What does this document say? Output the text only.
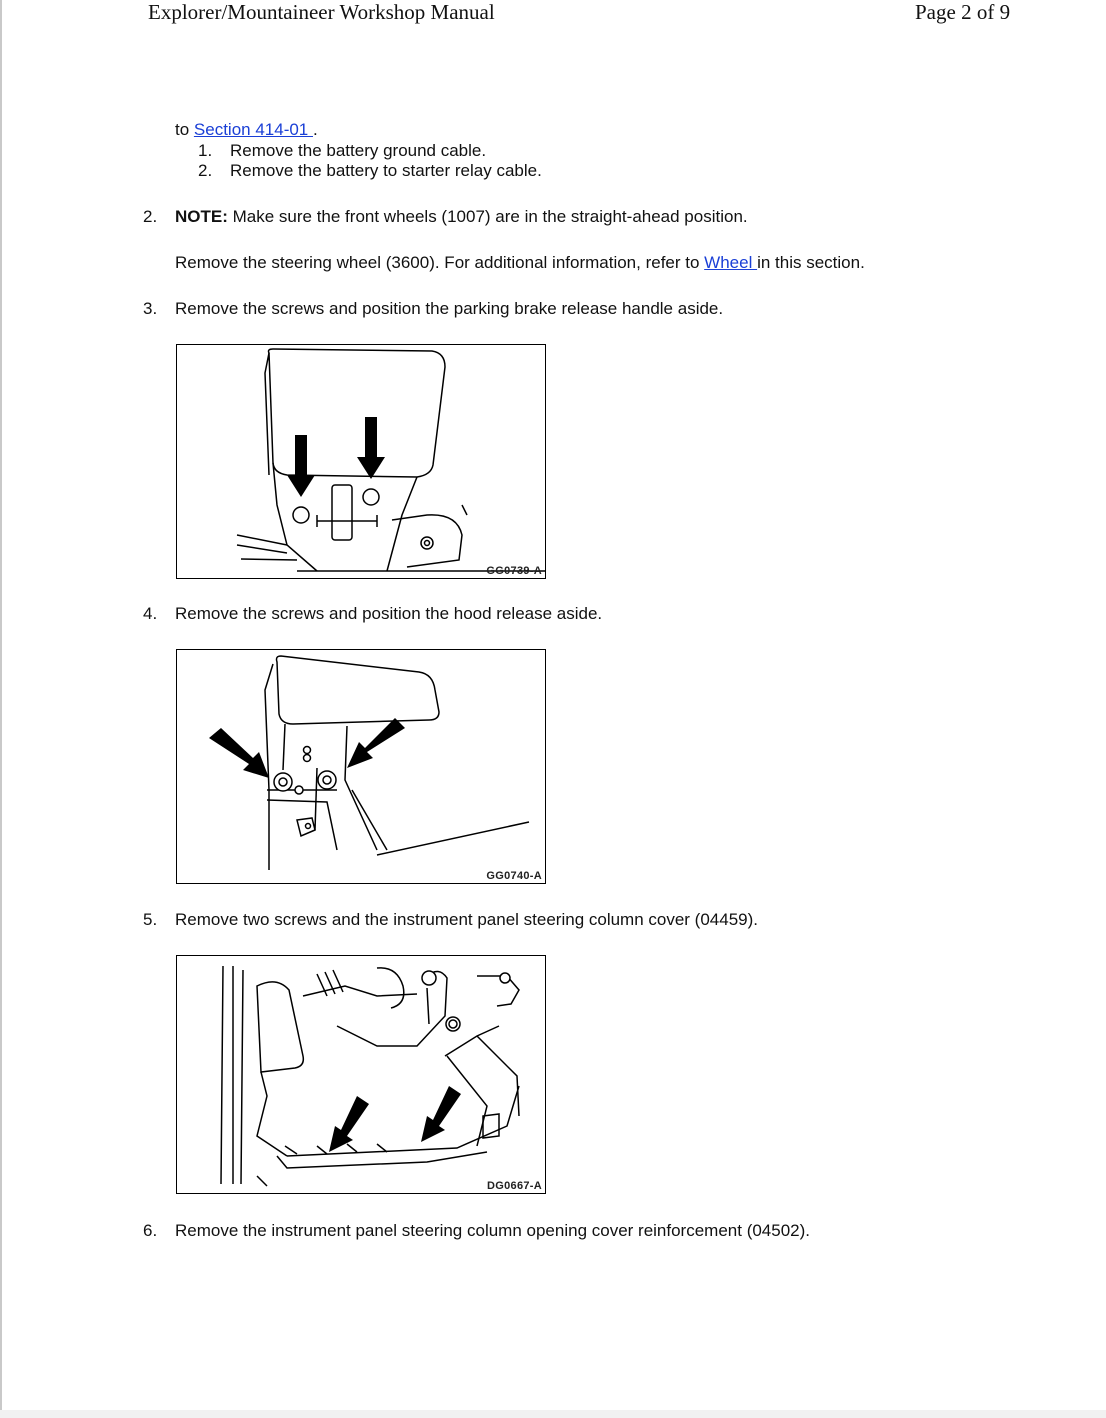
Explorer/Mountaineer Workshop Manual	Page 2 of 9
to Section 414-01 .
1. Remove the battery ground cable.
2. Remove the battery to starter relay cable.
2. NOTE: Make sure the front wheels (1007) are in the straight-ahead position.
Remove the steering wheel (3600). For additional information, refer to Wheel in this section.
3. Remove the screws and position the parking brake release handle aside.
GG0739-A
4. Remove the screws and position the hood release aside.
GG0740-A
5. Remove two screws and the instrument panel steering column cover (04459).
DG0667-A
6. Remove the instrument panel steering column opening cover reinforcement (04502).
